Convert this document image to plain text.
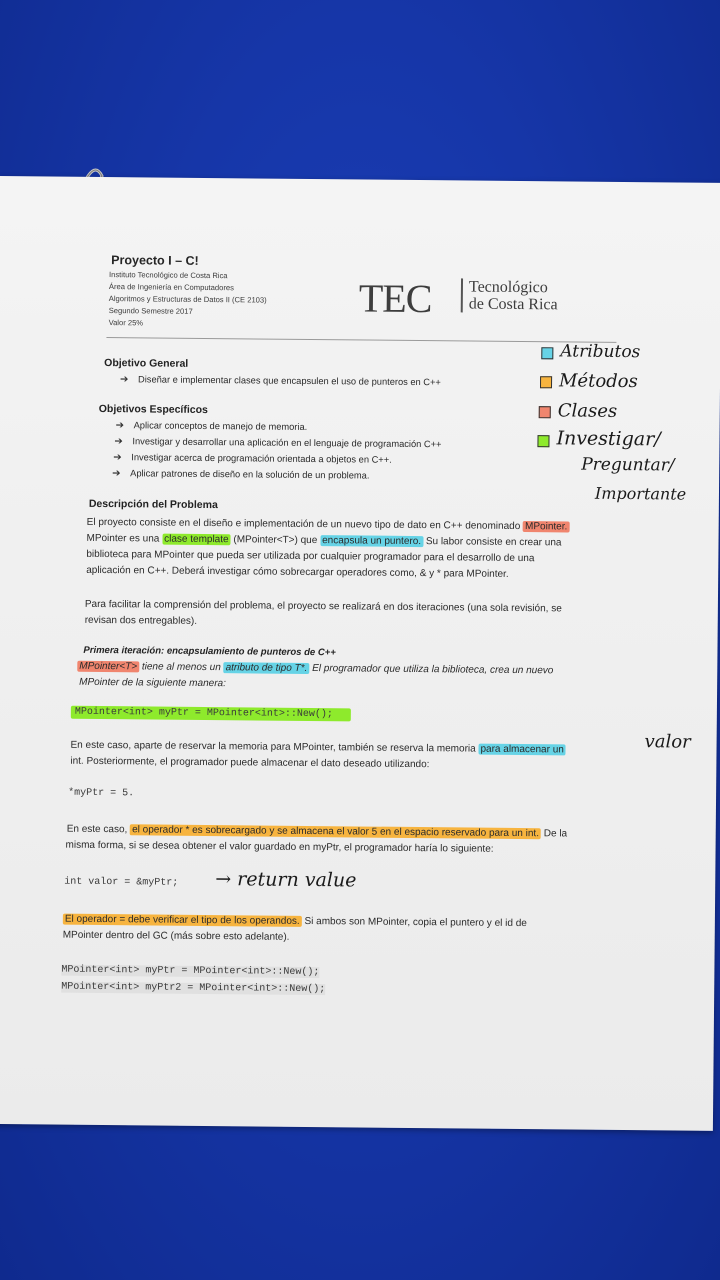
Proyecto I – C!
Instituto Tecnológico de Costa Rica
Área de Ingeniería en Computadores
Algoritmos y Estructuras de Datos II (CE 2103)
Segundo Semestre 2017
Valor 25%
TEC Tecnológico
de Costa Rica
Objetivo General
➔ Diseñar e implementar clases que encapsulen el uso de punteros en C++
Objetivos Específicos
➔ Aplicar conceptos de manejo de memoria.
➔ Investigar y desarrollar una aplicación en el lenguaje de programación C++
➔ Investigar acerca de programación orientada a objetos en C++.
➔ Aplicar patrones de diseño en la solución de un problema.
Descripción del Problema
El proyecto consiste en el diseño e implementación de un nuevo tipo de dato en C++ denominado MPointer.
MPointer es una clase template (MPointer<T>) que encapsula un puntero. Su labor consiste en crear una
biblioteca para MPointer que pueda ser utilizada por cualquier programador para el desarrollo de una
aplicación en C++. Deberá investigar cómo sobrecargar operadores como, & y * para MPointer.
Para facilitar la comprensión del problema, el proyecto se realizará en dos iteraciones (una sola revisión, se
revisan dos entregables).
Primera iteración: encapsulamiento de punteros de C++
MPointer<T> tiene al menos un atributo de tipo T*. El programador que utiliza la biblioteca, crea un nuevo
MPointer de la siguiente manera:
MPointer<int> myPtr = MPointer<int>::New();
En este caso, aparte de reservar la memoria para MPointer, también se reserva la memoria para almacenar un
int. Posteriormente, el programador puede almacenar el dato deseado utilizando:
*myPtr = 5.
En este caso, el operador * es sobrecargado y se almacena el valor 5 en el espacio reservado para un int. De la
misma forma, si se desea obtener el valor guardado en myPtr, el programador haría lo siguiente:
int valor = &myPtr;
El operador = debe verificar el tipo de los operandos. Si ambos son MPointer, copia el puntero y el id de
MPointer dentro del GC (más sobre esto adelante).
MPointer<int> myPtr = MPointer<int>::New();
MPointer<int> myPtr2 = MPointer<int>::New();
Atributos
Métodos
Clases
Investigar/
Preguntar/
Importante
valor
→ return value
